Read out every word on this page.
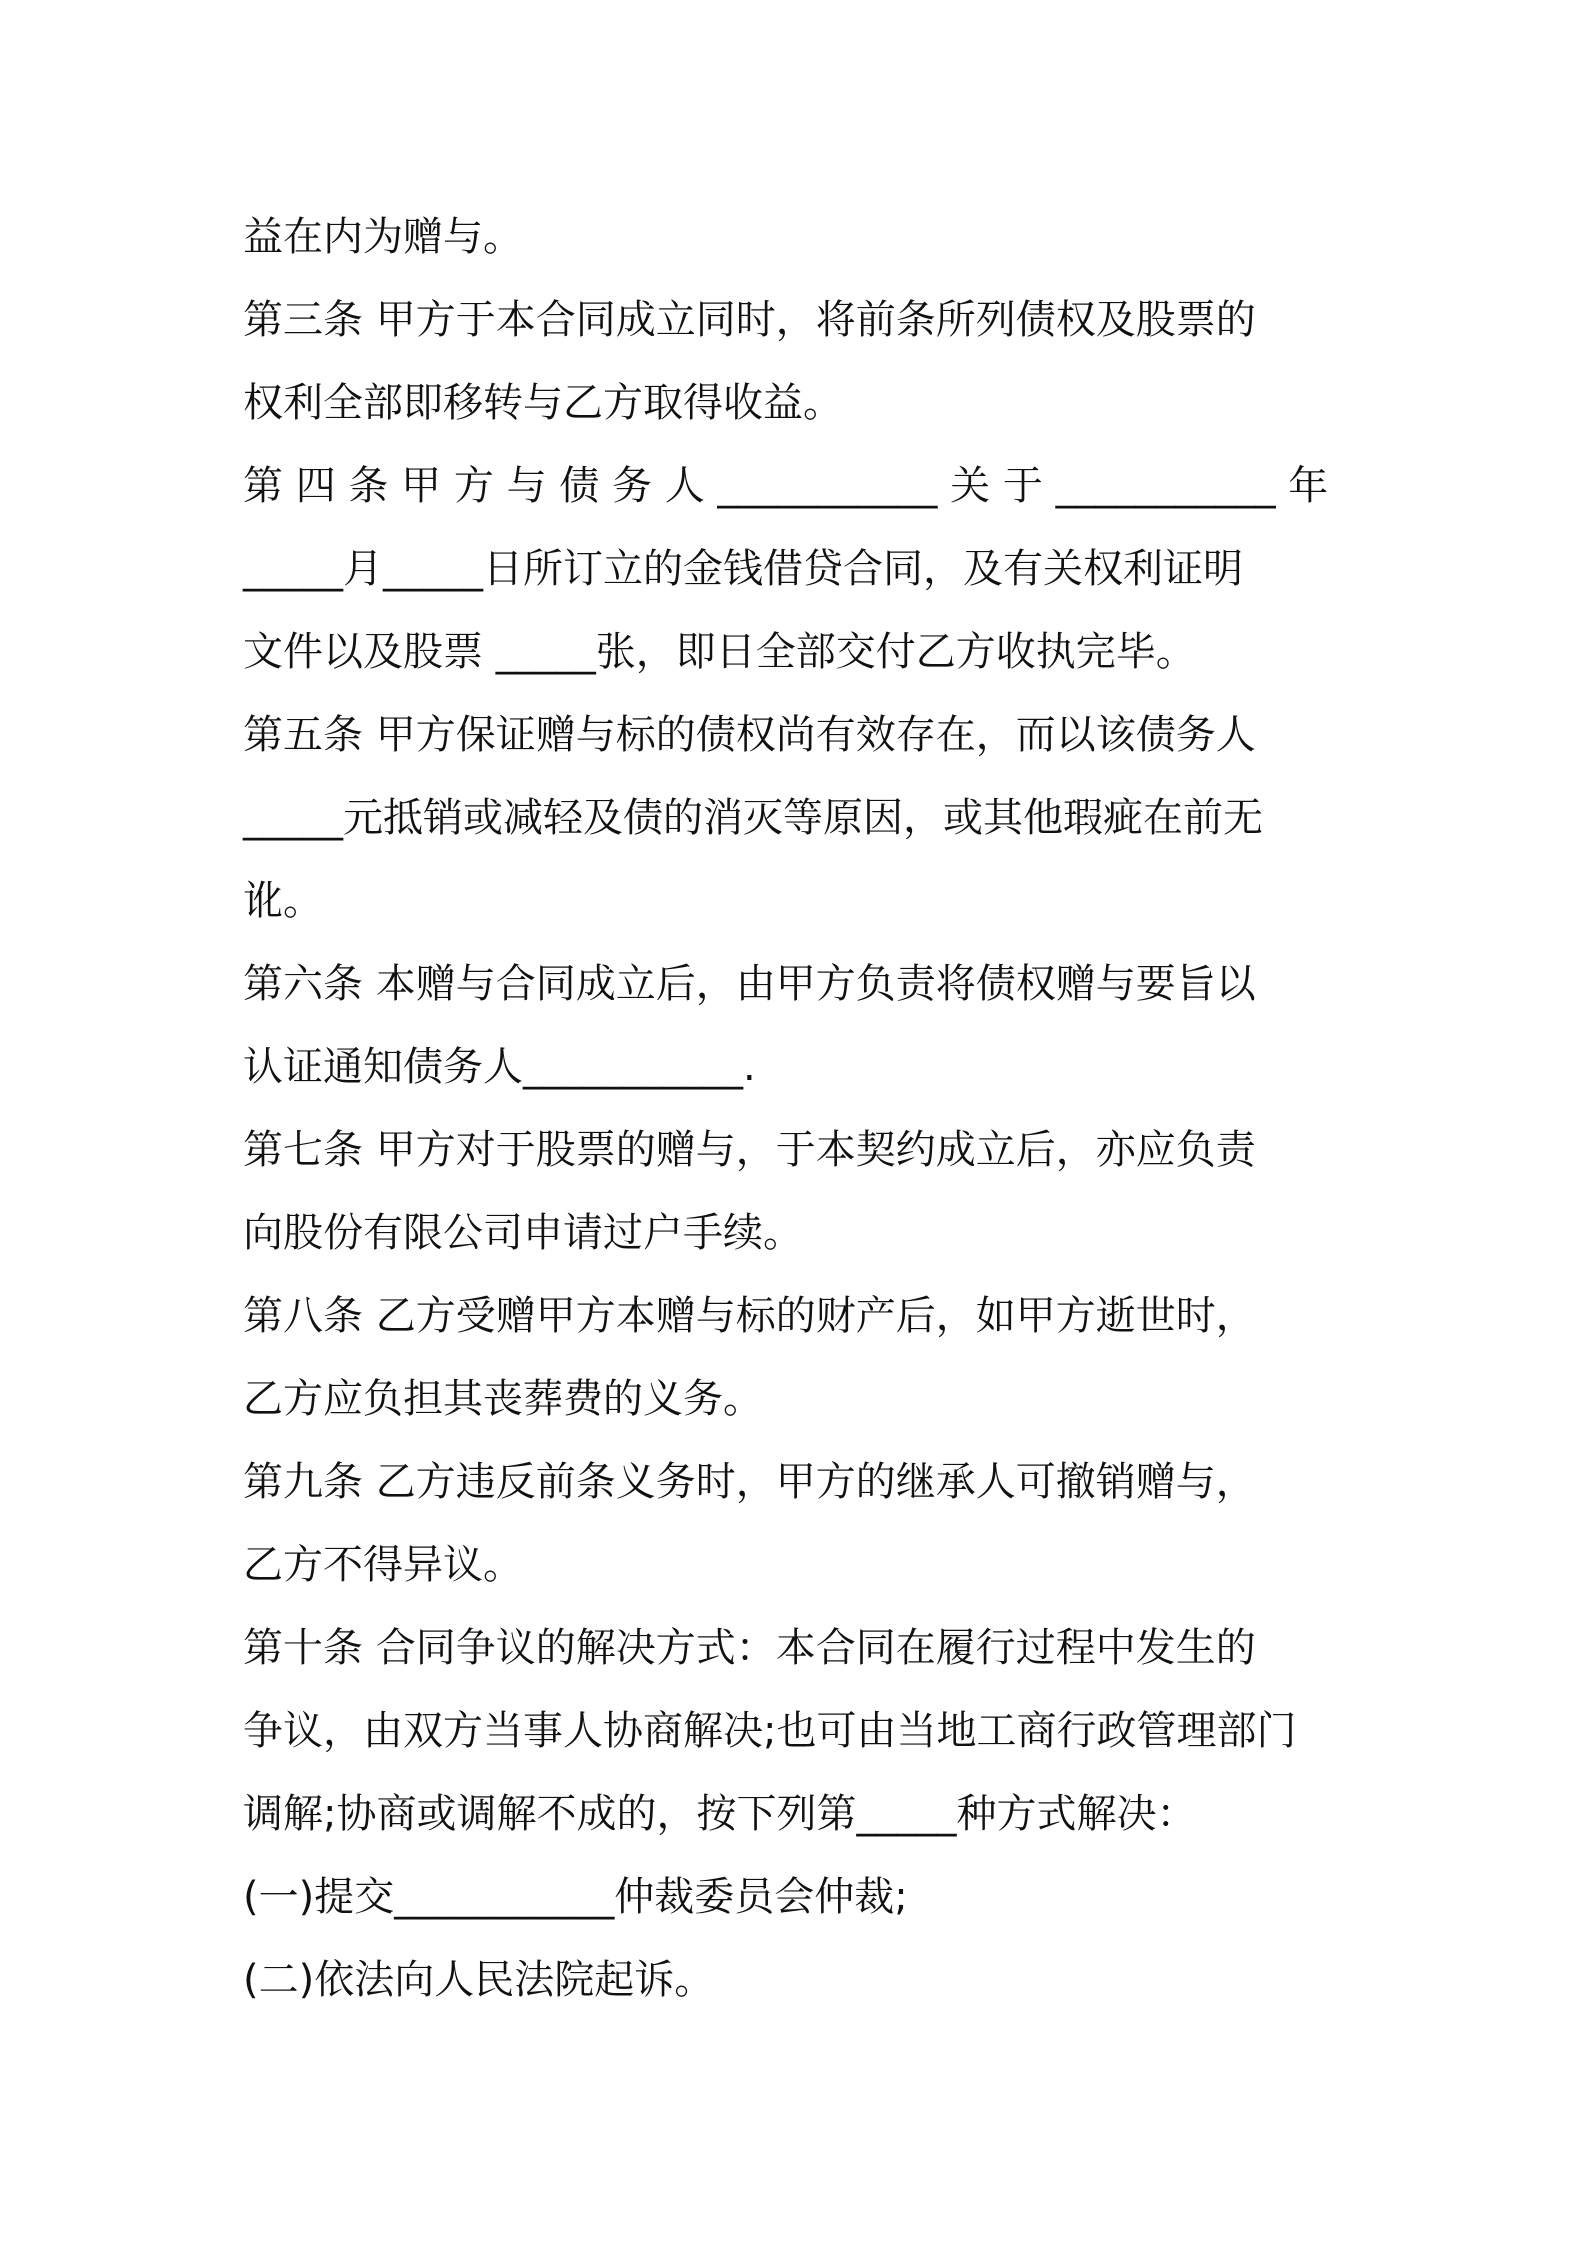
益在内为赠与。
第三条 甲方于本合同成立同时，将前条所列债权及股票的
权利全部即移转与乙方取得收益。
第 四 条 甲 方 与 债 务 人 ___________ 关 于 ___________ 年
_____月_____日所订立的金钱借贷合同，及有关权利证明
文件以及股票 _____张，即日全部交付乙方收执完毕。
第五条 甲方保证赠与标的债权尚有效存在，而以该债务人
_____元抵销或减轻及债的消灭等原因，或其他瑕疵在前无
讹。
第六条 本赠与合同成立后，由甲方负责将债权赠与要旨以
认证通知债务人___________.
第七条 甲方对于股票的赠与，于本契约成立后，亦应负责
向股份有限公司申请过户手续。
第八条 乙方受赠甲方本赠与标的财产后，如甲方逝世时，
乙方应负担其丧葬费的义务。
第九条 乙方违反前条义务时，甲方的继承人可撤销赠与，
乙方不得异议。
第十条 合同争议的解决方式：本合同在履行过程中发生的
争议，由双方当事人协商解决;也可由当地工商行政管理部门
调解;协商或调解不成的，按下列第_____种方式解决：
(一)提交___________仲裁委员会仲裁;
(二)依法向人民法院起诉。
